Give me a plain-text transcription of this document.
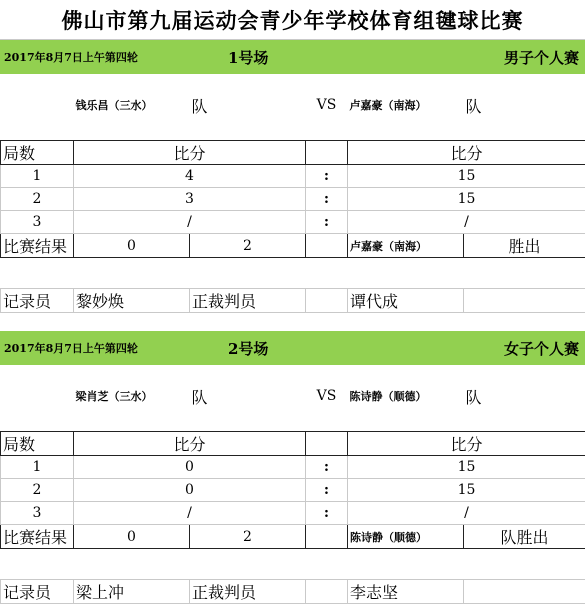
佛山市第九届运动会青少年学校体育组毽球比赛
2017年8月7日上午第四轮	1号场	男子个人赛

	钱乐昌（三水）	队	VS	卢嘉豪（南海）	队

局数	比分			比分	
1	4		:	15	
2	3		:	15	
3	/		:	/	
比赛结果	0	2		卢嘉豪（南海）	胜出

记录员	黎妙焕	正裁判员		谭代成	
2017年8月7日上午第四轮	2号场	女子个人赛

	梁肖芝（三水）	队	VS	陈诗静（顺德）	队

局数	比分			比分	
1	0		:	15	
2	0		:	15	
3	/		:	/	
比赛结果	0	2		陈诗静（顺德）	队胜出

记录员	梁上冲	正裁判员		李志坚	
